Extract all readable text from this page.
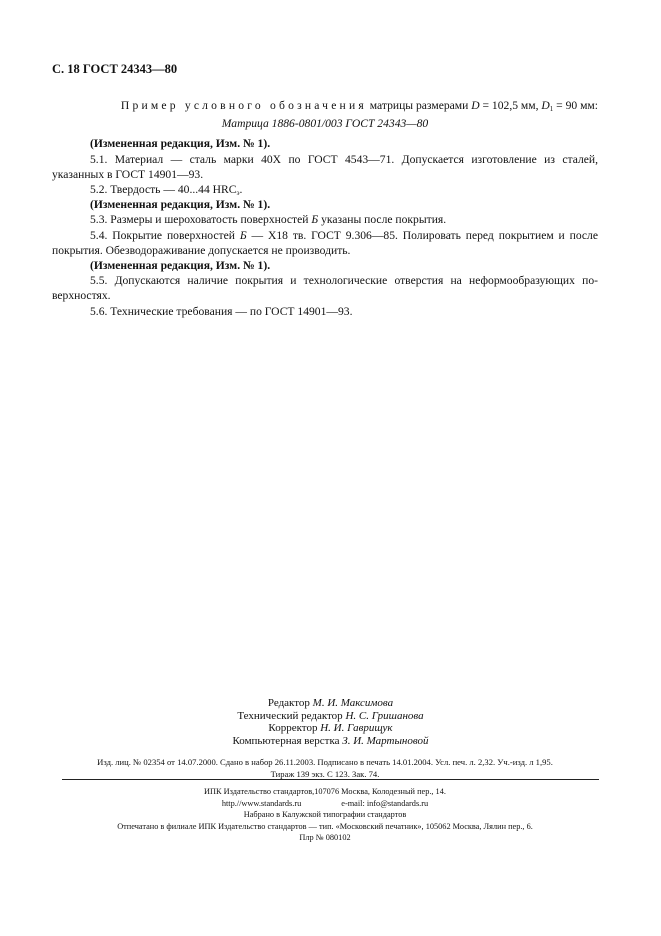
С. 18 ГОСТ 24343—80

Пример условного обозначения матрицы размерами D = 102,5 мм, $D_1 = 90$ мм:

Матрица 1886-0801/003 ГОСТ 24343—80

(Измененная редакция, Изм. № 1).

5.1. Материал — сталь марки 40Х по ГОСТ 4543—71. Допускается изготовление из сталей,

указанных в ГОСТ 14901—93.

5.2. Твердость — 40...44 $HRC_э$.

(Измененная редакция, Изм. № 1).

5.3. Размеры и шероховатость поверхностей Б указаны после покрытия.

5.4. Покрытие поверхностей Б — Х18 тв. ГОСТ 9.306—85. Полировать перед покрытием и после

покрытия. Обезводораживание допускается не производить.

(Измененная редакция, Изм. № 1).

5.5. Допускаются наличие покрытия и технологические отверстия на неформообразующих по-

верхностях.

5.6. Технические требования — по ГОСТ 14901—93.

Редактор М. И. Максимова
Технический редактор Н. С. Гришанова
Корректор Н. И. Гаврищук
Компьютерная верстка З. И. Мартыновой
Изд. лиц. № 02354 от 14.07.2000. Сдано в набор 26.11.2003. Подписано в печать 14.01.2004. Усл. печ. л. 2,32. Уч.-изд. л 1,95.
Тираж 139 экз. С 123. Зак. 74.
ИПК Издательство стандартов,107076 Москва, Колодезный пер., 14.
http.//www.standards.ru	e-mail: info@standards.ru
Набрано в Калужской типографии стандартов
Отпечатано в филиале ИПК Издательство стандартов — тип. «Московский печатник», 105062 Москва, Лялин пер., 6.
Плр № 080102
